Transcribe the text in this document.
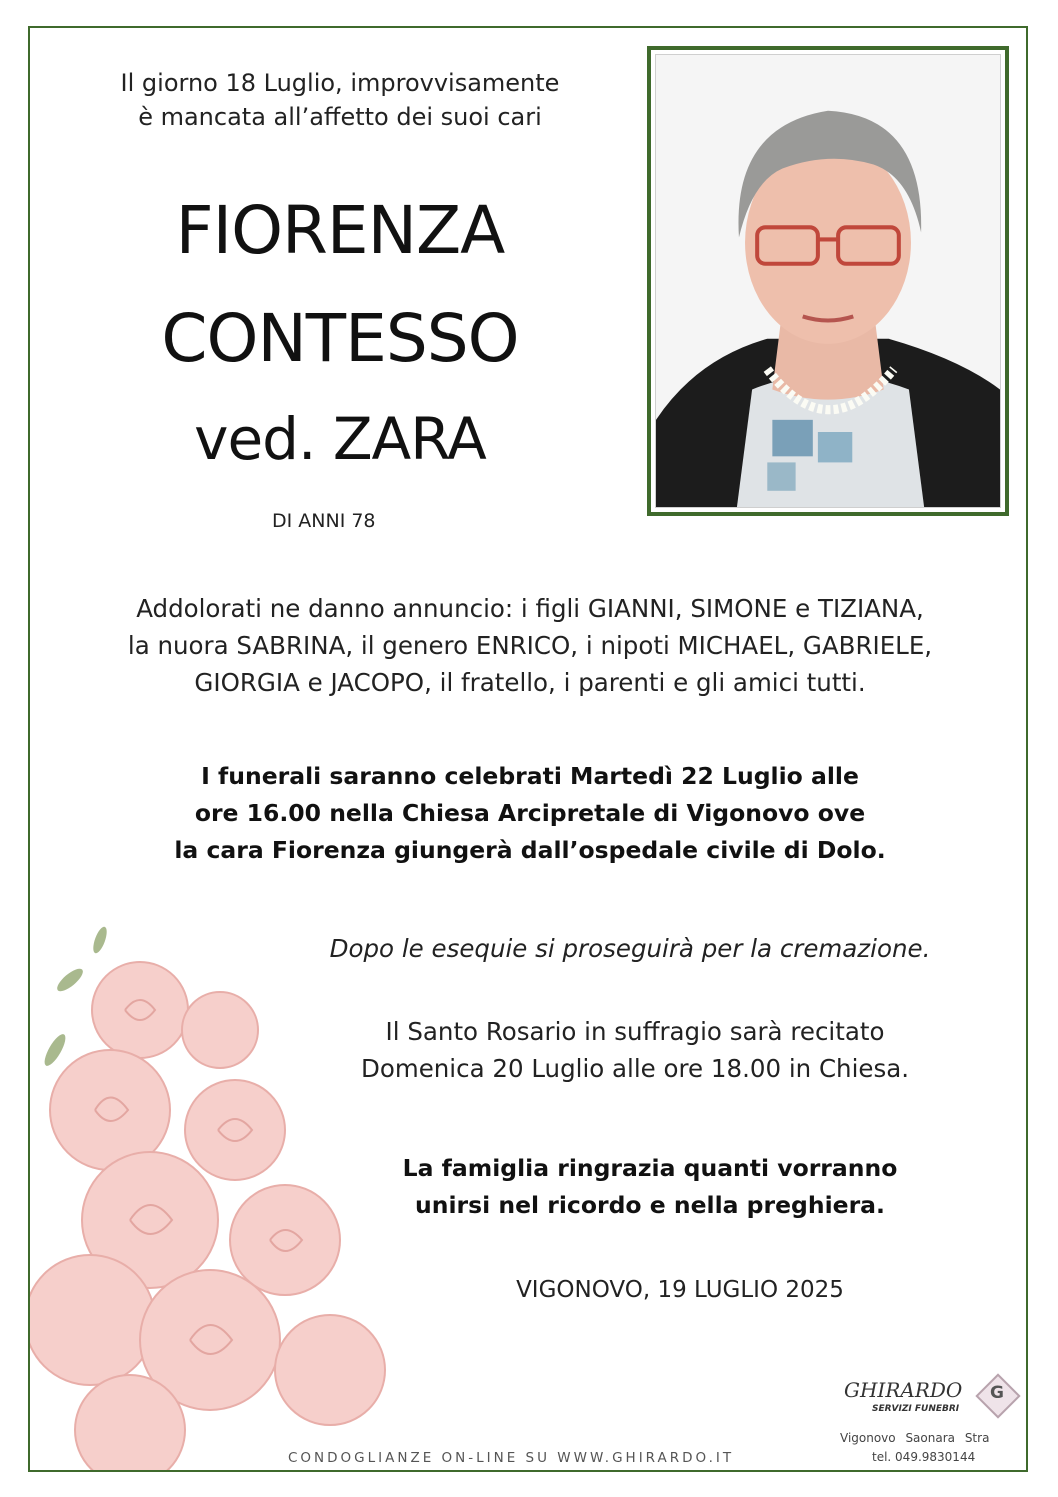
Il giorno 18 Luglio, improvvisamente
è mancata all’affetto dei suoi cari
FIORENZA
CONTESSO
ved. ZARA
DI ANNI 78
Addolorati ne danno annuncio: i figli GIANNI, SIMONE e TIZIANA,
la nuora SABRINA, il genero ENRICO, i nipoti MICHAEL, GABRIELE,
GIORGIA e JACOPO, il fratello, i parenti e gli amici tutti.
I funerali saranno celebrati Martedì 22 Luglio alle
ore 16.00 nella Chiesa Arcipretale di Vigonovo ove
la cara Fiorenza giungerà dall’ospedale civile di Dolo.
Dopo le esequie si proseguirà per la cremazione.
Il Santo Rosario in suffragio sarà recitato
Domenica 20 Luglio alle ore 18.00 in Chiesa.
La famiglia ringrazia quanti vorranno
unirsi nel ricordo e nella preghiera.
VIGONOVO, 19 LUGLIO 2025
GHIRARDO
SERVIZI FUNEBRI
G
Vigonovo Saonara Stra
tel. 049.9830144
CONDOGLIANZE ON-LINE SU WWW.GHIRARDO.IT
